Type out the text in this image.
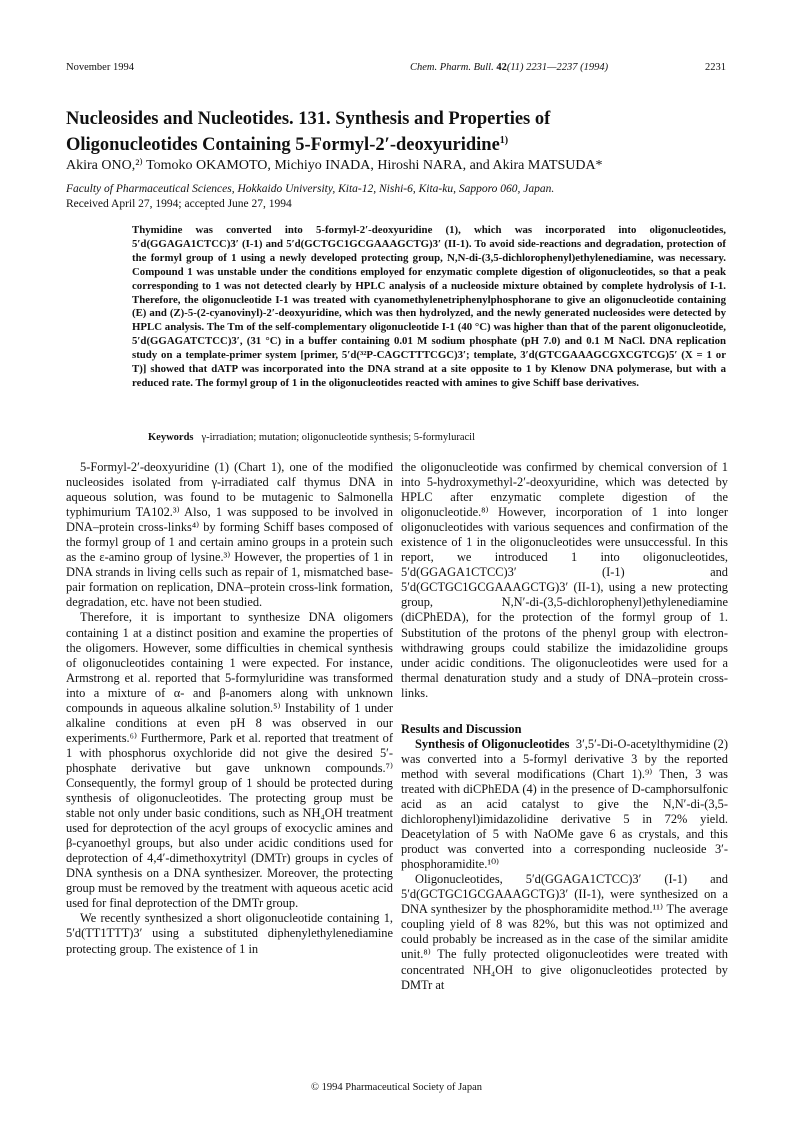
November 1994	Chem. Pharm. Bull. 42(11) 2231—2237 (1994)	2231
Nucleosides and Nucleotides. 131. Synthesis and Properties of
Oligonucleotides Containing 5-Formyl-2′-deoxyuridine$^{1)}$
Akira ONO,²⁾ Tomoko OKAMOTO, Michiyo INADA, Hiroshi NARA, and Akira MATSUDA*
Faculty of Pharmaceutical Sciences, Hokkaido University, Kita-12, Nishi-6, Kita-ku, Sapporo 060, Japan.
Received April 27, 1994; accepted June 27, 1994

Thymidine was converted into 5-formyl-2′-deoxyuridine (1), which was incorporated into oligonucleotides, 5′d(GGAGA1CTCC)3′ (I-1) and 5′d(GCTGC1GCGAAAGCTG)3′ (II-1). To avoid side-reactions and degradation, protection of the formyl group of 1 using a newly developed protecting group, N,N-di-(3,5-dichlorophenyl)ethylenediamine, was necessary. Compound 1 was unstable under the conditions employed for enzymatic complete digestion of oligonucleotides, so that a peak corresponding to 1 was not detected clearly by HPLC analysis of a nucleoside mixture obtained by complete hydrolysis of I-1. Therefore, the oligonucleotide I-1 was treated with cyanomethylenetriphenylphosphorane to give an oligonucleotide containing (E) and (Z)-5-(2-cyanovinyl)-2′-deoxyuridine, which was then hydrolyzed, and the newly generated nucleosides were detected by HPLC analysis. The Tm of the self-complementary oligonucleotide I-1 (40 °C) was higher than that of the parent oligonucleotide, 5′d(GGAGATCTCC)3′, (31 °C) in a buffer containing 0.01 M sodium phosphate (pH 7.0) and 0.1 M NaCl. DNA replication study on a template-primer system [primer, 5′d(³²P-CAGCTTTCGC)3′; template, 3′d(GTCGAAAGCGXCGTCG)5′ (X = 1 or T)] showed that dATP was incorporated into the DNA strand at a site opposite to 1 by Klenow DNA polymerase, but with a reduced rate. The formyl group of 1 in the oligonucleotides reacted with amines to give Schiff base derivatives.

Keywords γ-irradiation; mutation; oligonucleotide synthesis; 5-formyluracil

5-Formyl-2′-deoxyuridine (1) (Chart 1), one of the modified nucleosides isolated from γ-irradiated calf thymus DNA in aqueous solution, was found to be mutagenic to Salmonella typhimurium TA102.³⁾ Also, 1 was supposed to be involved in DNA–protein cross-links⁴⁾ by forming Schiff bases composed of the formyl group of 1 and certain amino groups in a protein such as the ε-amino group of lysine.³⁾ However, the properties of 1 in DNA strands in living cells such as repair of 1, mismatched base-pair formation on replication, DNA–protein cross-link formation, degradation, etc. have not been studied.

Therefore, it is important to synthesize DNA oligomers containing 1 at a distinct position and examine the properties of the oligomers. However, some difficulties in chemical synthesis of oligonucleotides containing 1 were expected. For instance, Armstrong et al. reported that 5-formyluridine was transformed into a mixture of α- and β-anomers along with unknown compounds in aqueous alkaline solution.⁵⁾ Instability of 1 under alkaline conditions at even pH 8 was observed in our experiments.⁶⁾ Furthermore, Park et al. reported that treatment of 1 with phosphorus oxychloride did not give the desired 5′-phosphate derivative but gave unknown compounds.⁷⁾ Consequently, the formyl group of 1 should be protected during synthesis of oligonucleotides. The protecting group must be stable not only under basic conditions, such as NH₄OH treatment used for deprotection of the acyl groups of exocyclic amines and β-cyanoethyl groups, but also under acidic conditions used for deprotection of 4,4′-dimethoxytrityl (DMTr) groups in cycles of DNA synthesis on a DNA synthesizer. Moreover, the protecting group must be removed by the treatment with aqueous acetic acid used for final deprotection of the DMTr group.

We recently synthesized a short oligonucleotide containing 1, 5′d(TT1TTT)3′ using a substituted diphenylethylenediamine protecting group. The existence of 1 in

the oligonucleotide was confirmed by chemical conversion of 1 into 5-hydroxymethyl-2′-deoxyuridine, which was detected by HPLC after enzymatic complete digestion of the oligonucleotide.⁸⁾ However, incorporation of 1 into longer oligonucleotides with various sequences and confirmation of the existence of 1 in the oligonucleotides were unsuccessful. In this report, we introduced 1 into oligonucleotides, 5′d(GGAGA1CTCC)3′ (I-1) and 5′d(GCTGC1GCGAAAGCTG)3′ (II-1), using a new protecting group, N,N′-di-(3,5-dichlorophenyl)ethylenediamine (diCPhEDA), for the protection of the formyl group of 1. Substitution of the protons of the phenyl group with electron-withdrawing groups could stabilize the imidazolidine groups under acidic conditions. The oligonucleotides were used for a thermal denaturation study and a study of DNA–protein cross-links.

Results and Discussion

Synthesis of Oligonucleotides 3′,5′-Di-O-acetylthymidine (2) was converted into a 5-formyl derivative 3 by the reported method with several modifications (Chart 1).⁹⁾ Then, 3 was treated with diCPhEDA (4) in the presence of D-camphorsulfonic acid as an acid catalyst to give the N,N′-di-(3,5-dichlorophenyl)imidazolidine derivative 5 in 72% yield. Deacetylation of 5 with NaOMe gave 6 as crystals, and this product was converted into a corresponding nucleoside 3′-phosphoramidite.¹⁰⁾

Oligonucleotides, 5′d(GGAGA1CTCC)3′ (I-1) and 5′d(GCTGC1GCGAAAGCTG)3′ (II-1), were synthesized on a DNA synthesizer by the phosphoramidite method.¹¹⁾ The average coupling yield of 8 was 82%, but this was not optimized and could probably be increased as in the case of the similar amidite unit.⁸⁾ The fully protected oligonucleotides were treated with concentrated NH₄OH to give oligonucleotides protected by DMTr at

© 1994 Pharmaceutical Society of Japan
